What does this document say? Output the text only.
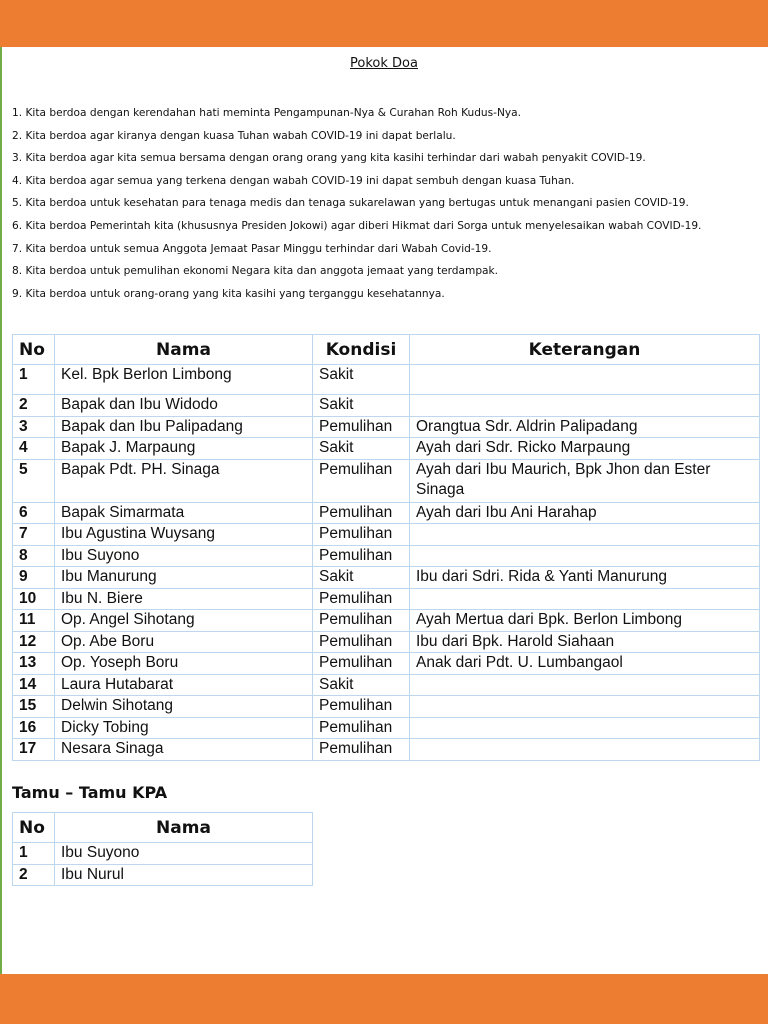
Pokok Doa
1. Kita berdoa dengan kerendahan hati meminta Pengampunan-Nya & Curahan Roh Kudus-Nya.
2. Kita berdoa agar kiranya dengan kuasa Tuhan wabah COVID-19 ini dapat berlalu.
3. Kita berdoa agar kita semua bersama dengan orang orang yang kita kasihi terhindar dari wabah penyakit COVID-19.
4. Kita berdoa agar semua yang terkena dengan wabah COVID-19 ini dapat sembuh dengan kuasa Tuhan.
5. Kita berdoa untuk kesehatan para tenaga medis dan tenaga sukarelawan yang bertugas untuk menangani pasien COVID-19.
6. Kita berdoa Pemerintah kita (khususnya Presiden Jokowi) agar diberi Hikmat dari Sorga untuk menyelesaikan wabah COVID-19.
7. Kita berdoa untuk semua Anggota Jemaat Pasar Minggu terhindar dari Wabah Covid-19.
8. Kita berdoa untuk pemulihan ekonomi Negara kita dan anggota jemaat yang terdampak.
9. Kita berdoa untuk orang-orang yang kita kasihi yang terganggu kesehatannya.
No	Nama	Kondisi	Keterangan
1	Kel. Bpk Berlon Limbong	Sakit	
2	Bapak dan Ibu Widodo	Sakit	
3	Bapak dan Ibu Palipadang	Pemulihan	Orangtua Sdr. Aldrin Palipadang
4	Bapak J. Marpaung	Sakit	Ayah dari Sdr. Ricko Marpaung
5	Bapak Pdt. PH. Sinaga	Pemulihan	Ayah dari Ibu Maurich, Bpk Jhon dan Ester Sinaga
6	Bapak Simarmata	Pemulihan	Ayah dari Ibu Ani Harahap
7	Ibu Agustina Wuysang	Pemulihan	
8	Ibu Suyono	Pemulihan	
9	Ibu Manurung	Sakit	Ibu dari Sdri. Rida & Yanti Manurung
10	Ibu N. Biere	Pemulihan	
11	Op. Angel Sihotang	Pemulihan	Ayah Mertua dari Bpk. Berlon Limbong
12	Op. Abe Boru	Pemulihan	Ibu dari Bpk. Harold Siahaan
13	Op. Yoseph Boru	Pemulihan	Anak dari Pdt. U. Lumbangaol
14	Laura Hutabarat	Sakit	
15	Delwin Sihotang	Pemulihan	
16	Dicky Tobing	Pemulihan	
17	Nesara Sinaga	Pemulihan	
Tamu – Tamu KPA
No	Nama
1	Ibu Suyono
2	Ibu Nurul
